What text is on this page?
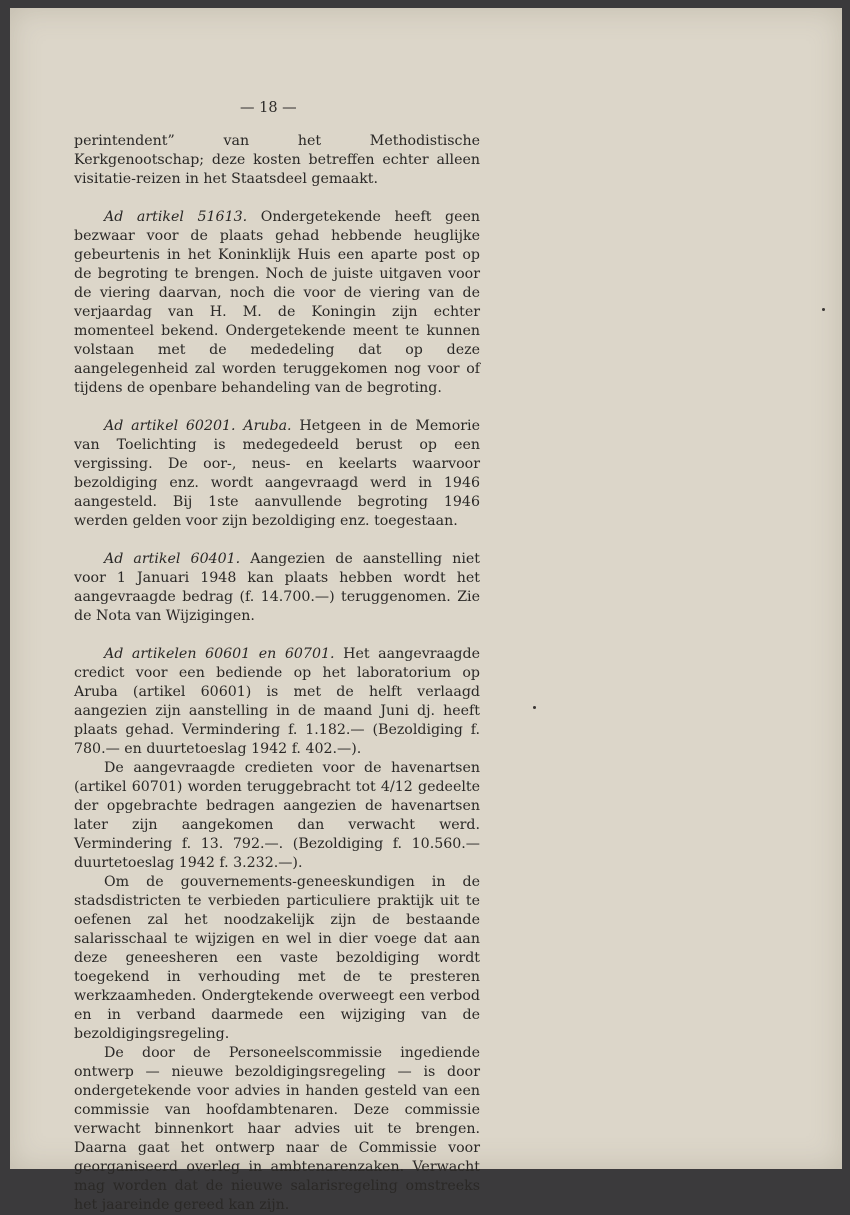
— 18 —

perintendent” van het Methodistische Kerkgenootschap; deze kosten betreffen echter alleen visitatie-reizen in het Staatsdeel gemaakt.

Ad artikel 51613. Ondergetekende heeft geen bezwaar voor de plaats gehad hebbende heuglijke gebeurtenis in het Koninklijk Huis een aparte post op de begroting te brengen. Noch de juiste uitgaven voor de viering daarvan, noch die voor de viering van de verjaardag van H. M. de Koningin zijn echter momenteel bekend. Ondergetekende meent te kunnen volstaan met de mededeling dat op deze aangelegenheid zal worden teruggekomen nog voor of tijdens de openbare behandeling van de begroting.

Ad artikel 60201. Aruba. Hetgeen in de Memorie van Toelichting is medegedeeld berust op een vergissing. De oor-, neus- en keelarts waarvoor bezoldiging enz. wordt aangevraagd werd in 1946 aangesteld. Bij 1ste aanvullende begroting 1946 werden gelden voor zijn bezoldiging enz. toegestaan.

Ad artikel 60401. Aangezien de aanstelling niet voor 1 Januari 1948 kan plaats hebben wordt het aangevraagde bedrag (f. 14.700.—) teruggenomen. Zie de Nota van Wijzigingen.

Ad artikelen 60601 en 60701. Het aangevraagde credict voor een bediende op het laboratorium op Aruba (artikel 60601) is met de helft verlaagd aangezien zijn aanstelling in de maand Juni dj. heeft plaats gehad. Vermindering f. 1.182.— (Bezoldiging f. 780.— en duurtetoeslag 1942 f. 402.—).

De aangevraagde credieten voor de havenartsen (artikel 60701) worden teruggebracht tot 4/12 gedeelte der opgebrachte bedragen aangezien de havenartsen later zijn aangekomen dan verwacht werd. Vermindering f. 13. 792.—. (Bezoldiging f. 10.560.— duurtetoeslag 1942 f. 3.232.—).

Om de gouvernements-geneeskundigen in de stadsdistricten te verbieden particuliere praktijk uit te oefenen zal het noodzakelijk zijn de bestaande salarisschaal te wijzigen en wel in dier voege dat aan deze geneesheren een vaste bezoldiging wordt toegekend in verhouding met de te presteren werkzaamheden. Ondergtekende overweegt een verbod en in verband daarmede een wijziging van de bezoldigingsregeling.

De door de Personeelscommissie ingediende ontwerp — nieuwe bezoldigingsregeling — is door ondergetekende voor advies in handen gesteld van een commissie van hoofdambtenaren. Deze commissie verwacht binnenkort haar advies uit te brengen. Daarna gaat het ontwerp naar de Commissie voor georganiseerd overleg in ambtenarenzaken. Verwacht mag worden dat de nieuwe salarisregeling omstreeks het jaareinde gereed kan zijn.
